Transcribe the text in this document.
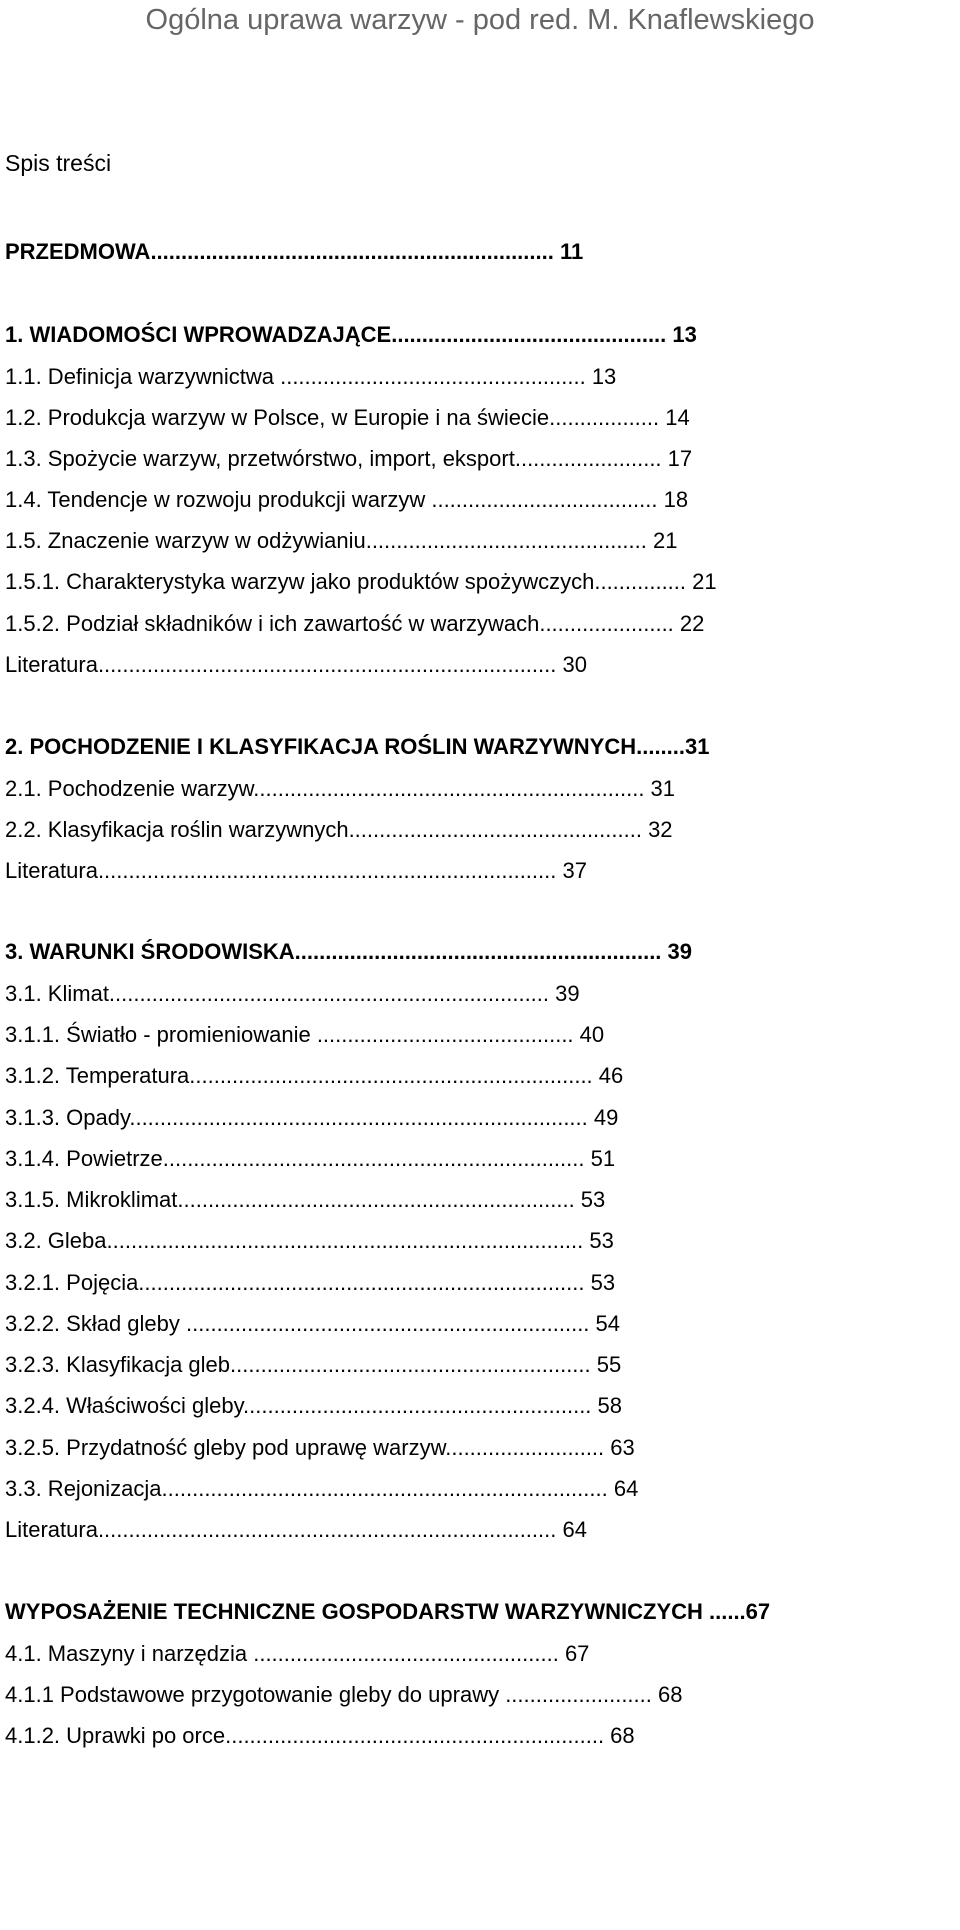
Ogólna uprawa warzyw - pod red. M. Knaflewskiego
Spis treści
PRZEDMOWA.................................................................. 11
1. WIADOMOŚCI WPROWADZAJĄCE............................................. 13
1.1. Definicja warzywnictwa .................................................. 13
1.2. Produkcja warzyw w Polsce, w Europie i na świecie.................. 14
1.3. Spożycie warzyw, przetwórstwo, import, eksport........................ 17
1.4. Tendencje w rozwoju produkcji warzyw ..................................... 18
1.5. Znaczenie warzyw w odżywianiu.............................................. 21
1.5.1. Charakterystyka warzyw jako produktów spożywczych............... 21
1.5.2. Podział składników i ich zawartość w warzywach...................... 22
Literatura........................................................................... 30
2. POCHODZENIE I KLASYFIKACJA ROŚLIN WARZYWNYCH........31
2.1. Pochodzenie warzyw................................................................ 31
2.2. Klasyfikacja roślin warzywnych................................................ 32
Literatura........................................................................... 37
3. WARUNKI ŚRODOWISKA............................................................ 39
3.1. Klimat........................................................................ 39
3.1.1. Światło - promieniowanie .......................................... 40
3.1.2. Temperatura.................................................................. 46
3.1.3. Opady........................................................................... 49
3.1.4. Powietrze..................................................................... 51
3.1.5. Mikroklimat................................................................. 53
3.2. Gleba.............................................................................. 53
3.2.1. Pojęcia......................................................................... 53
3.2.2. Skład gleby .................................................................. 54
3.2.3. Klasyfikacja gleb........................................................... 55
3.2.4. Właściwości gleby......................................................... 58
3.2.5. Przydatność gleby pod uprawę warzyw.......................... 63
3.3. Rejonizacja......................................................................... 64
Literatura........................................................................... 64
WYPOSAŻENIE TECHNICZNE GOSPODARSTW WARZYWNICZYCH ......67
4.1. Maszyny i narzędzia .................................................. 67
4.1.1 Podstawowe przygotowanie gleby do uprawy ........................ 68
4.1.2. Uprawki po orce.............................................................. 68
